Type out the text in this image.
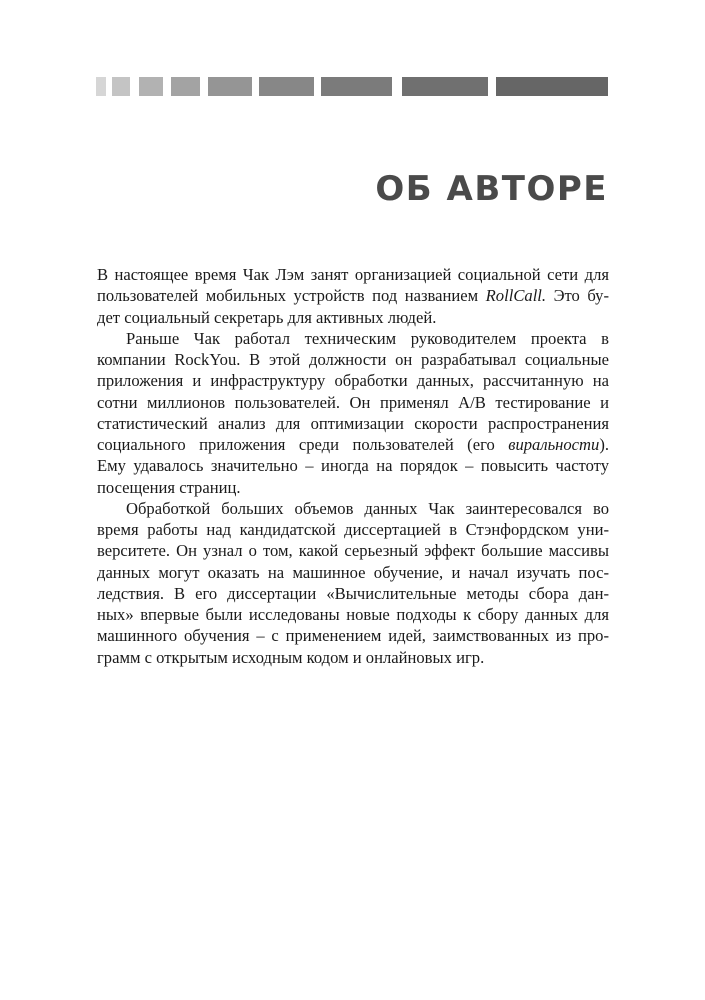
ОБ АВТОРЕ
В настоящее время Чак Лэм занят организацией социальной сети для
пользователей мобильных устройств под названием RollCall. Это бу-
дет социальный секретарь для активных людей.
Раньше Чак работал техническим руководителем проекта в
компании RockYou. В этой должности он разрабатывал социальные
приложения и инфраструктуру обработки данных, рассчитанную на
сотни миллионов пользователей. Он применял A/B тестирование и
статистический анализ для оптимизации скорости распространения
социального приложения среди пользователей (его виральности).
Ему удавалось значительно – иногда на порядок – повысить частоту
посещения страниц.
Обработкой больших объемов данных Чак заинтересовался во
время работы над кандидатской диссертацией в Стэнфордском уни-
верситете. Он узнал о том, какой серьезный эффект большие массивы
данных могут оказать на машинное обучение, и начал изучать пос-
ледствия. В его диссертации «Вычислительные методы сбора дан-
ных» впервые были исследованы новые подходы к сбору данных для
машинного обучения – с применением идей, заимствованных из про-
грамм с открытым исходным кодом и онлайновых игр.
